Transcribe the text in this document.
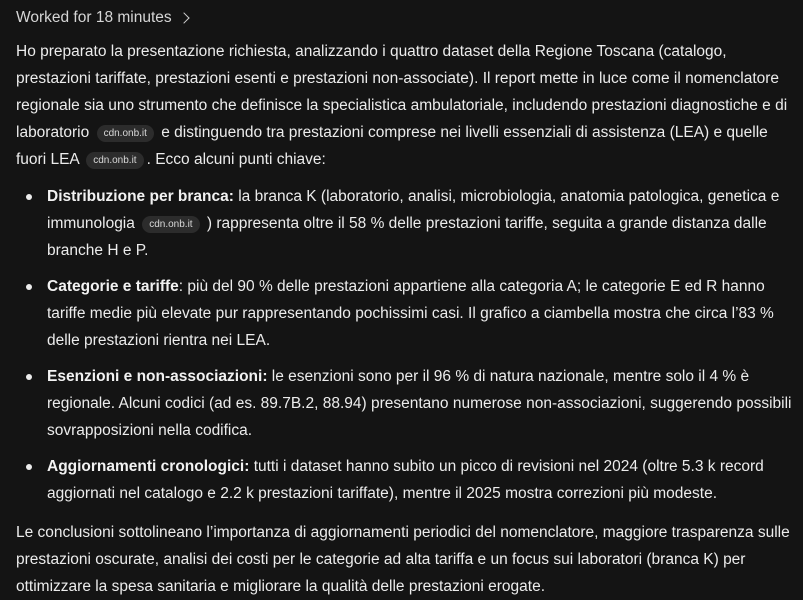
Worked for 18 minutes

Ho preparato la presentazione richiesta, analizzando i quattro dataset della Regione Toscana (catalogo, prestazioni tariffate, prestazioni esenti e prestazioni non-associate). Il report mette in luce come il nomenclatore regionale sia uno strumento che definisce la specialistica ambulatoriale, includendo prestazioni diagnostiche e di laboratorio cdn.onb.it e distinguendo tra prestazioni comprese nei livelli essenziali di assistenza (LEA) e quelle fuori LEA cdn.onb.it . Ecco alcuni punti chiave:

Distribuzione per branca: la branca K (laboratorio, analisi, microbiologia, anatomia patologica, genetica e immunologia cdn.onb.it ) rappresenta oltre il 58 % delle prestazioni tariffe, seguita a grande distanza dalle branche H e P.
Categorie e tariffe: più del 90 % delle prestazioni appartiene alla categoria A; le categorie E ed R hanno tariffe medie più elevate pur rappresentando pochissimi casi. Il grafico a ciambella mostra che circa l’83 % delle prestazioni rientra nei LEA.
Esenzioni e non-associazioni: le esenzioni sono per il 96 % di natura nazionale, mentre solo il 4 % è regionale. Alcuni codici (ad es. 89.7B.2, 88.94) presentano numerose non-associazioni, suggerendo possibili sovrapposizioni nella codifica.
Aggiornamenti cronologici: tutti i dataset hanno subito un picco di revisioni nel 2024 (oltre 5.3 k record aggiornati nel catalogo e 2.2 k prestazioni tariffate), mentre il 2025 mostra correzioni più modeste.

Le conclusioni sottolineano l’importanza di aggiornamenti periodici del nomenclatore, maggiore trasparenza sulle prestazioni oscurate, analisi dei costi per le categorie ad alta tariffa e un focus sui laboratori (branca K) per ottimizzare la spesa sanitaria e migliorare la qualità delle prestazioni erogate.
